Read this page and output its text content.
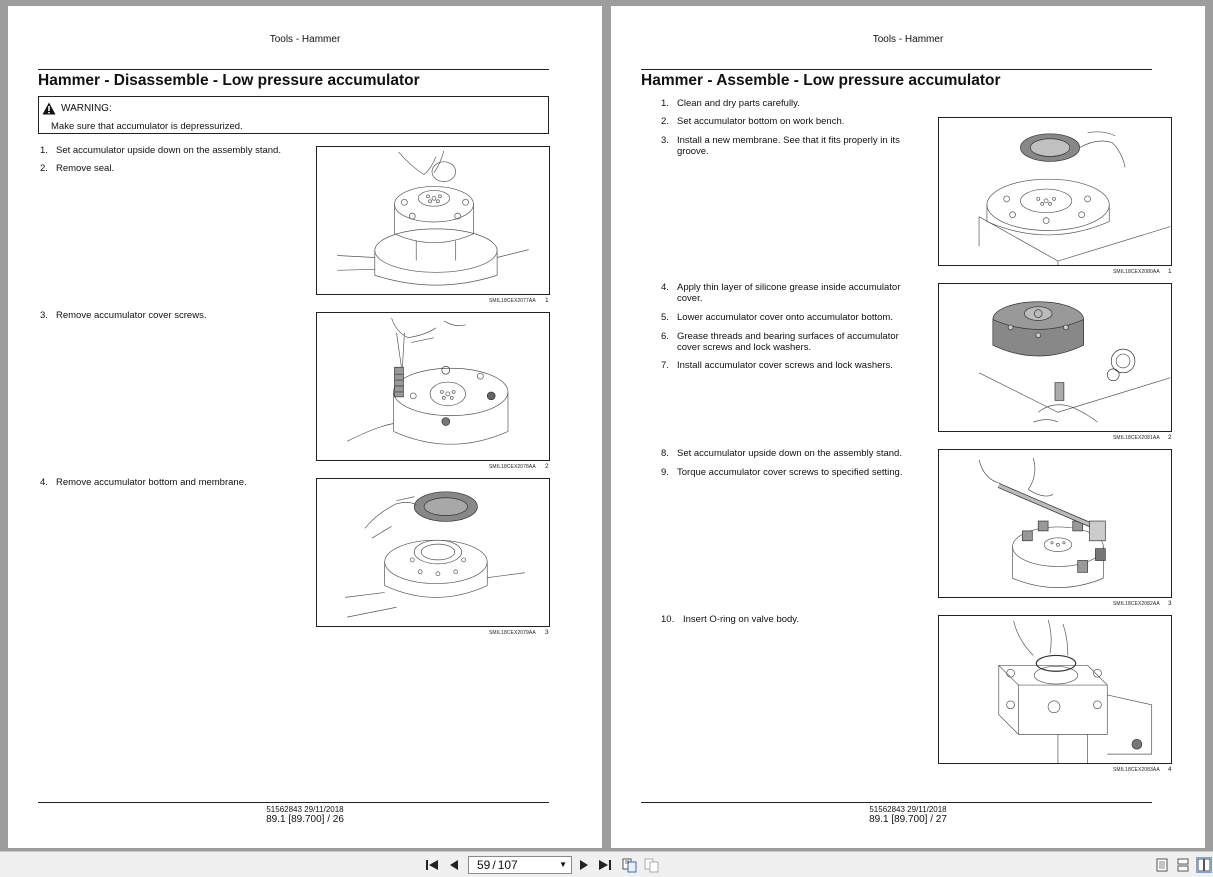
Tools - Hammer
Hammer - Disassemble - Low pressure accumulator
WARNING:
Make sure that accumulator is depressurized.
1. Set accumulator upside down on the assembly stand.
2. Remove seal.
3. Remove accumulator cover screws.
4. Remove accumulator bottom and membrane.
SMIL18CEX2077AA 1
SMIL18CEX2078AA 2
SMIL18CEX2079AA 3
51562843 29/11/2018
89.1 [89.700] / 26
Tools - Hammer
Hammer - Assemble - Low pressure accumulator
1. Clean and dry parts carefully.
2. Set accumulator bottom on work bench.
3. Install a new membrane. See that it fits properly in its
groove.
4. Apply thin layer of silicone grease inside accumulator
cover.
5. Lower accumulator cover onto accumulator bottom.
6. Grease threads and bearing surfaces of accumulator
cover screws and lock washers.
7. Install accumulator cover screws and lock washers.
8. Set accumulator upside down on the assembly stand.
9. Torque accumulator cover screws to specified setting.
10. Insert O-ring on valve body.
SMIL18CEX2080AA 1
SMIL18CEX2081AA 2
SMIL18CEX2082AA 3
SMIL18CEX2083AA 4
51562843 29/11/2018
89.1 [89.700] / 27
59 / 107	▼
